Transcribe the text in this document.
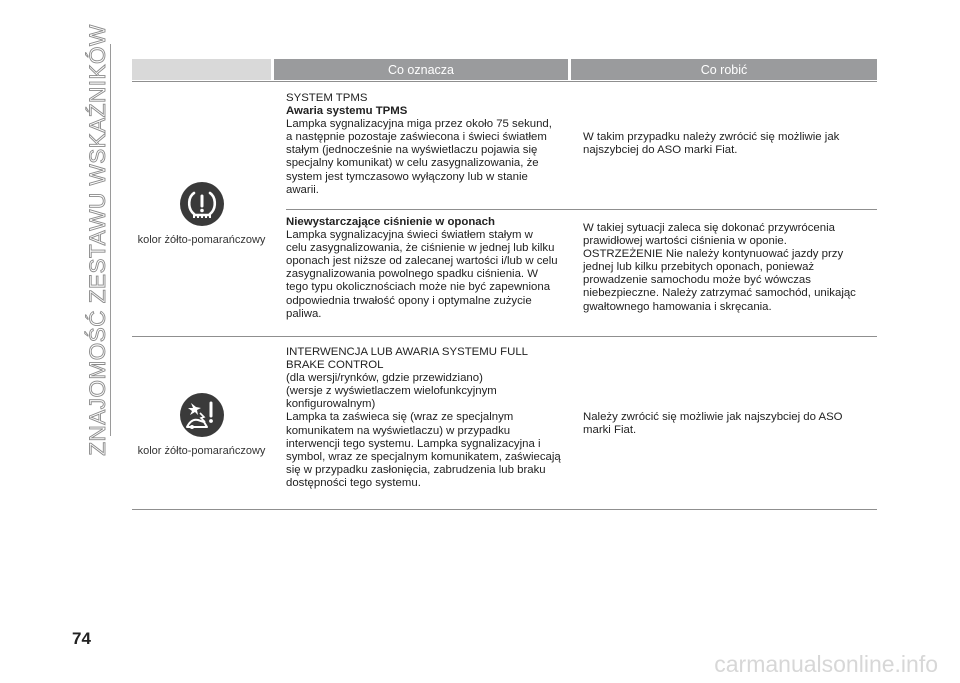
ZNAJOMOŚĆ ZESTAWU WSKAŹNIKÓW	Co oznacza	Co robić
kolor żółto-pomarańczowy
SYSTEM TPMS
Awaria systemu TPMS
Lampka sygnalizacyjna miga przez około 75 sekund,
a następnie pozostaje zaświecona i świeci światłem
stałym (jednocześnie na wyświetlaczu pojawia się
specjalny komunikat) w celu zasygnalizowania, że
system jest tymczasowo wyłączony lub w stanie
awarii.
W takim przypadku należy zwrócić się możliwie jak
najszybciej do ASO marki Fiat.
Niewystarczające ciśnienie w oponach
Lampka sygnalizacyjna świeci światłem stałym w
celu zasygnalizowania, że ciśnienie w jednej lub kilku
oponach jest niższe od zalecanej wartości i/lub w celu
zasygnalizowania powolnego spadku ciśnienia. W
tego typu okolicznościach może nie być zapewniona
odpowiednia trwałość opony i optymalne zużycie
paliwa.
W takiej sytuacji zaleca się dokonać przywrócenia
prawidłowej wartości ciśnienia w oponie.
OSTRZEŻENIE Nie należy kontynuować jazdy przy
jednej lub kilku przebitych oponach, ponieważ
prowadzenie samochodu może być wówczas
niebezpieczne. Należy zatrzymać samochód, unikając
gwałtownego hamowania i skręcania.
kolor żółto-pomarańczowy
INTERWENCJA LUB AWARIA SYSTEMU FULL
BRAKE CONTROL
(dla wersji/rynków, gdzie przewidziano)
(wersje z wyświetlaczem wielofunkcyjnym
konfigurowalnym)
Lampka ta zaświeca się (wraz ze specjalnym
komunikatem na wyświetlaczu) w przypadku
interwencji tego systemu. Lampka sygnalizacyjna i
symbol, wraz ze specjalnym komunikatem, zaświecają
się w przypadku zasłonięcia, zabrudzenia lub braku
dostępności tego systemu.
Należy zwrócić się możliwie jak najszybciej do ASO
marki Fiat.
74
carmanualsonline.info
